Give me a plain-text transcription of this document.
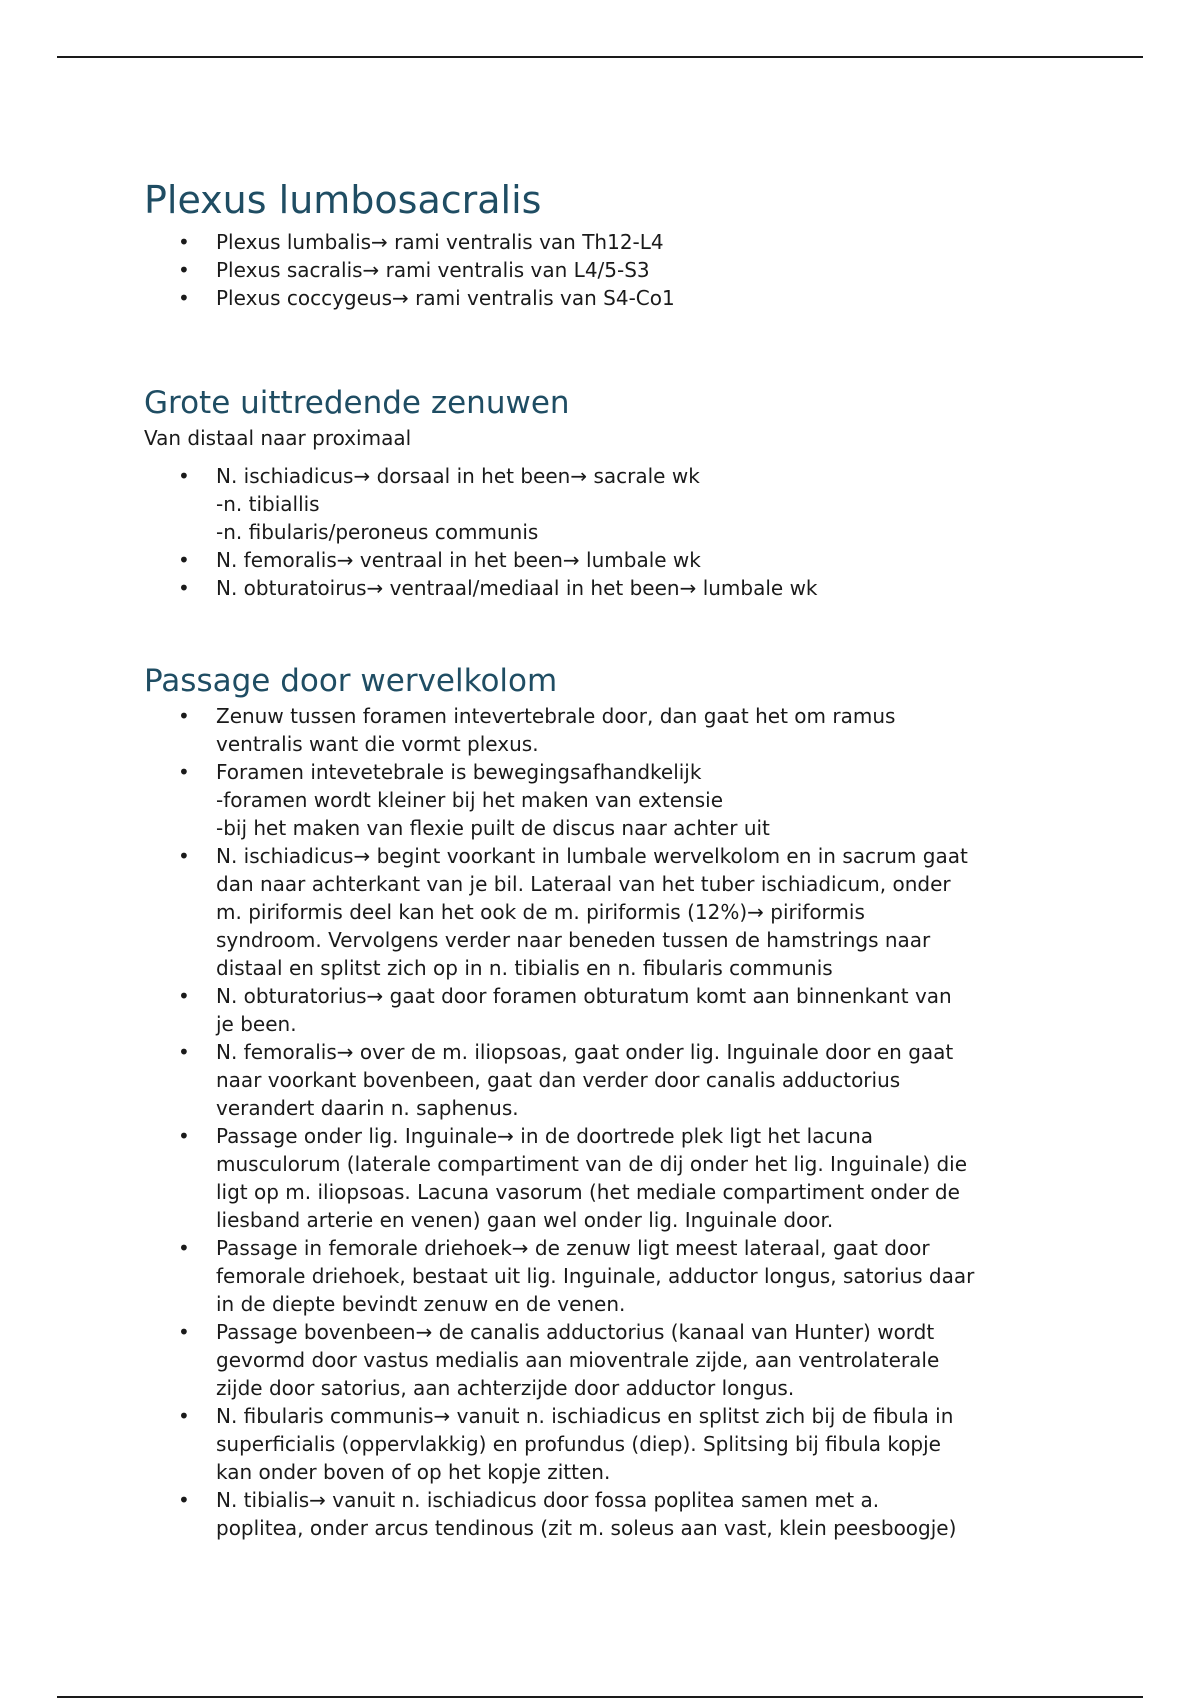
Plexus lumbosacralis
• Plexus lumbalis→ rami ventralis van Th12-L4
• Plexus sacralis→ rami ventralis van L4/5-S3
• Plexus coccygeus→ rami ventralis van S4-Co1
Grote uittredende zenuwen

Van distaal naar proximaal

• N. ischiadicus→ dorsaal in het been→ sacrale wk
-n. tibiallis
-n. fibularis/peroneus communis
• N. femoralis→ ventraal in het been→ lumbale wk
• N. obturatoirus→ ventraal/mediaal in het been→ lumbale wk
Passage door wervelkolom
• Zenuw tussen foramen intevertebrale door, dan gaat het om ramus
ventralis want die vormt plexus.
• Foramen intevetebrale is bewegingsafhandkelijk
-foramen wordt kleiner bij het maken van extensie
-bij het maken van flexie puilt de discus naar achter uit
• N. ischiadicus→ begint voorkant in lumbale wervelkolom en in sacrum gaat
dan naar achterkant van je bil. Lateraal van het tuber ischiadicum, onder
m. piriformis deel kan het ook de m. piriformis (12%)→ piriformis
syndroom. Vervolgens verder naar beneden tussen de hamstrings naar
distaal en splitst zich op in n. tibialis en n. fibularis communis
• N. obturatorius→ gaat door foramen obturatum komt aan binnenkant van
je been.
• N. femoralis→ over de m. iliopsoas, gaat onder lig. Inguinale door en gaat
naar voorkant bovenbeen, gaat dan verder door canalis adductorius
verandert daarin n. saphenus.
• Passage onder lig. Inguinale→ in de doortrede plek ligt het lacuna
musculorum (laterale compartiment van de dij onder het lig. Inguinale) die
ligt op m. iliopsoas. Lacuna vasorum (het mediale compartiment onder de
liesband arterie en venen) gaan wel onder lig. Inguinale door.
• Passage in femorale driehoek→ de zenuw ligt meest lateraal, gaat door
femorale driehoek, bestaat uit lig. Inguinale, adductor longus, satorius daar
in de diepte bevindt zenuw en de venen.
• Passage bovenbeen→ de canalis adductorius (kanaal van Hunter) wordt
gevormd door vastus medialis aan mioventrale zijde, aan ventrolaterale
zijde door satorius, aan achterzijde door adductor longus.
• N. fibularis communis→ vanuit n. ischiadicus en splitst zich bij de fibula in
superficialis (oppervlakkig) en profundus (diep). Splitsing bij fibula kopje
kan onder boven of op het kopje zitten.
• N. tibialis→ vanuit n. ischiadicus door fossa poplitea samen met a.
poplitea, onder arcus tendinous (zit m. soleus aan vast, klein peesboogje)
